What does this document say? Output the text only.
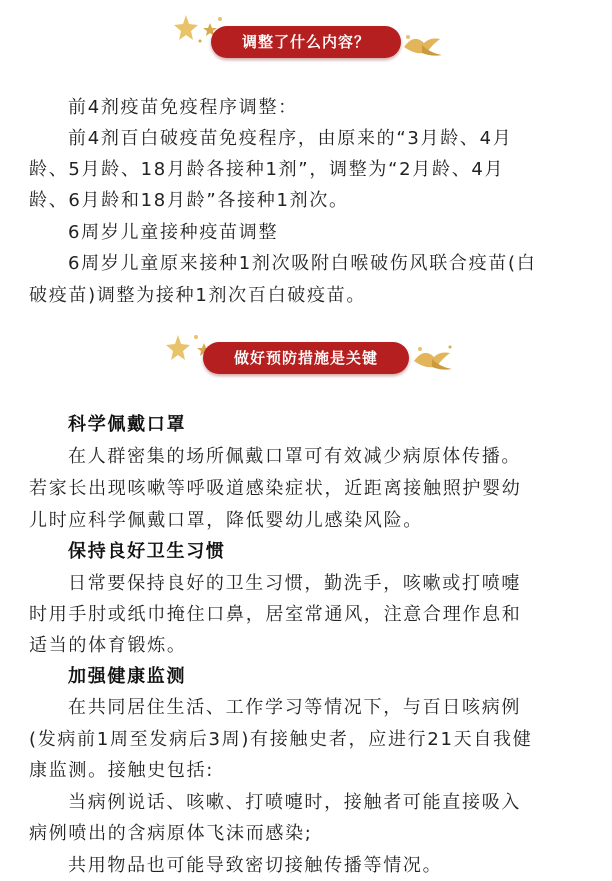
调整了什么内容？
前4剂疫苗免疫程序调整：
前4剂百白破疫苗免疫程序，由原来的“3月龄、4月
龄、5月龄、18月龄各接种1剂”，调整为“2月龄、4月
龄、6月龄和18月龄”各接种1剂次。
6周岁儿童接种疫苗调整
6周岁儿童原来接种1剂次吸附白喉破伤风联合疫苗(白
破疫苗)调整为接种1剂次百白破疫苗。
做好预防措施是关键
科学佩戴口罩
在人群密集的场所佩戴口罩可有效减少病原体传播。
若家长出现咳嗽等呼吸道感染症状，近距离接触照护婴幼
儿时应科学佩戴口罩，降低婴幼儿感染风险。
保持良好卫生习惯
日常要保持良好的卫生习惯，勤洗手，咳嗽或打喷嚏
时用手肘或纸巾掩住口鼻，居室常通风，注意合理作息和
适当的体育锻炼。
加强健康监测
在共同居住生活、工作学习等情况下，与百日咳病例
(发病前1周至发病后3周)有接触史者，应进行21天自我健
康监测。接触史包括:
当病例说话、咳嗽、打喷嚏时，接触者可能直接吸入
病例喷出的含病原体飞沫而感染;
共用物品也可能导致密切接触传播等情况。
